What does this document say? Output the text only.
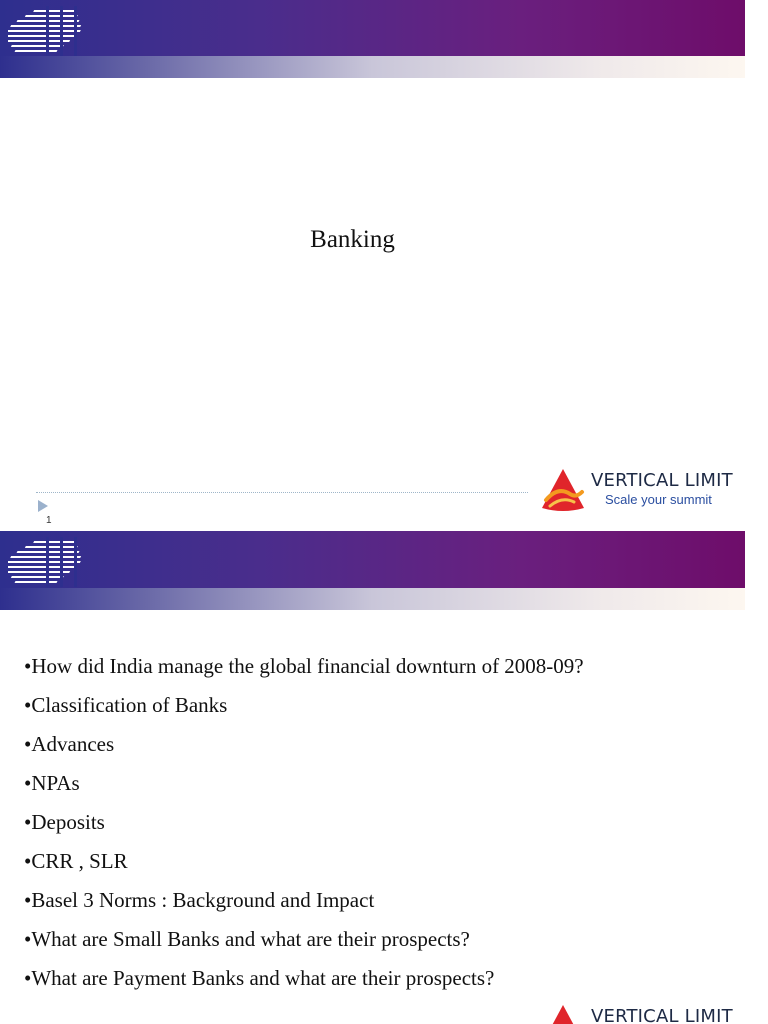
Banking
1
VERTICAL LIMIT
Scale your summit
• How did India manage the global financial downturn of 2008-09?
• Classification of Banks
• Advances
• NPAs
• Deposits
• CRR , SLR
• Basel 3 Norms : Background and Impact
• What are Small Banks and what are their prospects?
• What are Payment Banks and what are their prospects?
VERTICAL LIMIT
